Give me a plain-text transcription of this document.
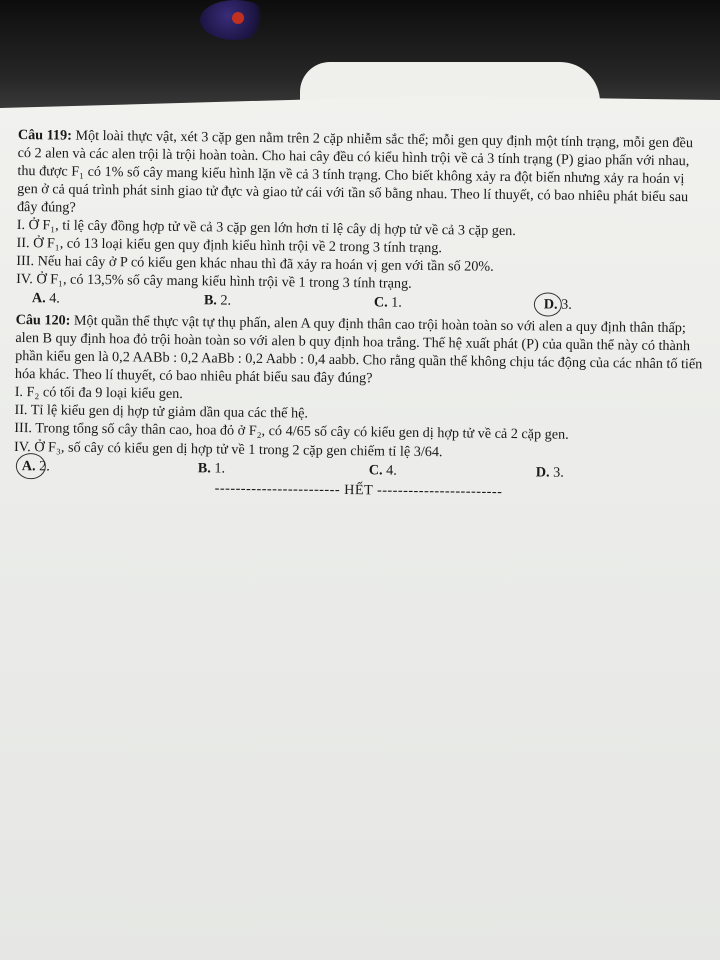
Câu 119: Một loài thực vật, xét 3 cặp gen nằm trên 2 cặp nhiễm sắc thể; mỗi gen quy định một tính trạng, mỗi gen đều có 2 alen và các alen trội là trội hoàn toàn. Cho hai cây đều có kiểu hình trội về cả 3 tính trạng (P) giao phấn với nhau, thu được F₁ có 1% số cây mang kiểu hình lặn về cả 3 tính trạng. Cho biết không xảy ra đột biến nhưng xảy ra hoán vị gen ở cả quá trình phát sinh giao tử đực và giao tử cái với tần số bằng nhau. Theo lí thuyết, có bao nhiêu phát biểu sau đây đúng?

I. Ở F₁, tỉ lệ cây đồng hợp tử về cả 3 cặp gen lớn hơn tỉ lệ cây dị hợp tử về cả 3 cặp gen.

II. Ở F₁, có 13 loại kiểu gen quy định kiểu hình trội về 2 trong 3 tính trạng.

III. Nếu hai cây ở P có kiểu gen khác nhau thì đã xảy ra hoán vị gen với tần số 20%.

IV. Ở F₁, có 13,5% số cây mang kiểu hình trội về 1 trong 3 tính trạng.

A. 4.	B. 2.	C. 1.	D. 3.

Câu 120: Một quần thể thực vật tự thụ phấn, alen A quy định thân cao trội hoàn toàn so với alen a quy định thân thấp; alen B quy định hoa đỏ trội hoàn toàn so với alen b quy định hoa trắng. Thế hệ xuất phát (P) của quần thể này có thành phần kiểu gen là 0,2 AABb : 0,2 AaBb : 0,2 Aabb : 0,4 aabb. Cho rằng quần thể không chịu tác động của các nhân tố tiến hóa khác. Theo lí thuyết, có bao nhiêu phát biểu sau đây đúng?

I. F₂ có tối đa 9 loại kiểu gen.

II. Tỉ lệ kiểu gen dị hợp tử giảm dần qua các thế hệ.

III. Trong tổng số cây thân cao, hoa đỏ ở F₂, có 4/65 số cây có kiểu gen dị hợp tử về cả 2 cặp gen.

IV. Ở F₃, số cây có kiểu gen dị hợp tử về 1 trong 2 cặp gen chiếm tỉ lệ 3/64.

A. 2.	B. 1.	C. 4.	D. 3.

------------------------ HẾT ------------------------
